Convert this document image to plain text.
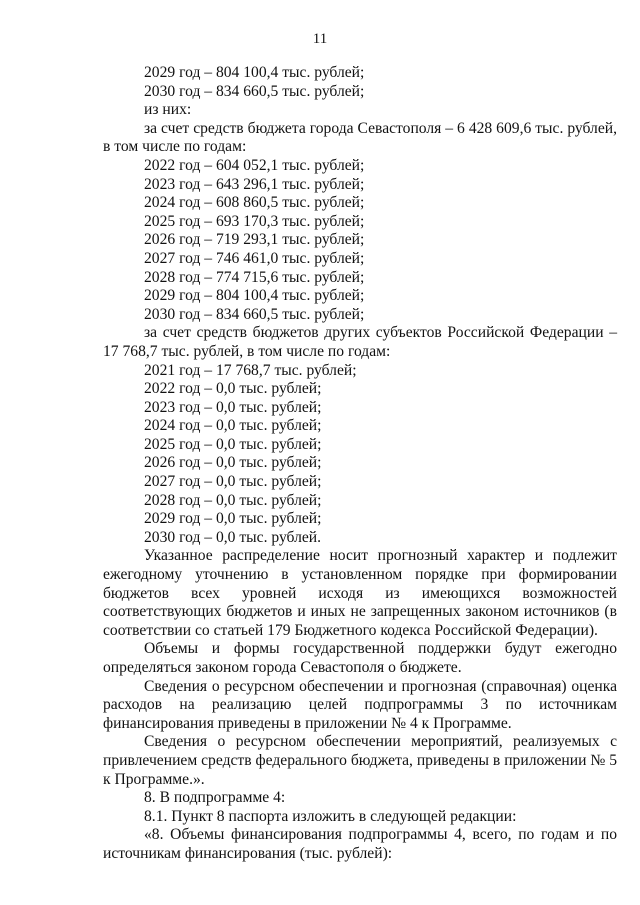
11

2029 год – 804 100,4 тыс. рублей;

2030 год – 834 660,5 тыс. рублей;

из них:

за счет средств бюджета города Севастополя – 6 428 609,6 тыс. рублей, в том числе по годам:

2022 год – 604 052,1 тыс. рублей;

2023 год – 643 296,1 тыс. рублей;

2024 год – 608 860,5 тыс. рублей;

2025 год – 693 170,3 тыс. рублей;

2026 год – 719 293,1 тыс. рублей;

2027 год – 746 461,0 тыс. рублей;

2028 год – 774 715,6 тыс. рублей;

2029 год – 804 100,4 тыс. рублей;

2030 год – 834 660,5 тыс. рублей;

за счет средств бюджетов других субъектов Российской Федерации – 17 768,7 тыс. рублей, в том числе по годам:

2021 год – 17 768,7 тыс. рублей;

2022 год – 0,0 тыс. рублей;

2023 год – 0,0 тыс. рублей;

2024 год – 0,0 тыс. рублей;

2025 год – 0,0 тыс. рублей;

2026 год – 0,0 тыс. рублей;

2027 год – 0,0 тыс. рублей;

2028 год – 0,0 тыс. рублей;

2029 год – 0,0 тыс. рублей;

2030 год – 0,0 тыс. рублей.

Указанное распределение носит прогнозный характер и подлежит ежегодному уточнению в установленном порядке при формировании бюджетов всех уровней исходя из имеющихся возможностей соответствующих бюджетов и иных не запрещенных законом источников (в соответствии со статьей 179 Бюджетного кодекса Российской Федерации).

Объемы и формы государственной поддержки будут ежегодно определяться законом города Севастополя о бюджете.

Сведения о ресурсном обеспечении и прогнозная (справочная) оценка расходов на реализацию целей подпрограммы 3 по источникам финансирования приведены в приложении № 4 к Программе.

Сведения о ресурсном обеспечении мероприятий, реализуемых с привлечением средств федерального бюджета, приведены в приложении № 5 к Программе.».

8. В подпрограмме 4:

8.1. Пункт 8 паспорта изложить в следующей редакции:

«8. Объемы финансирования подпрограммы 4, всего, по годам и по источникам финансирования (тыс. рублей):
